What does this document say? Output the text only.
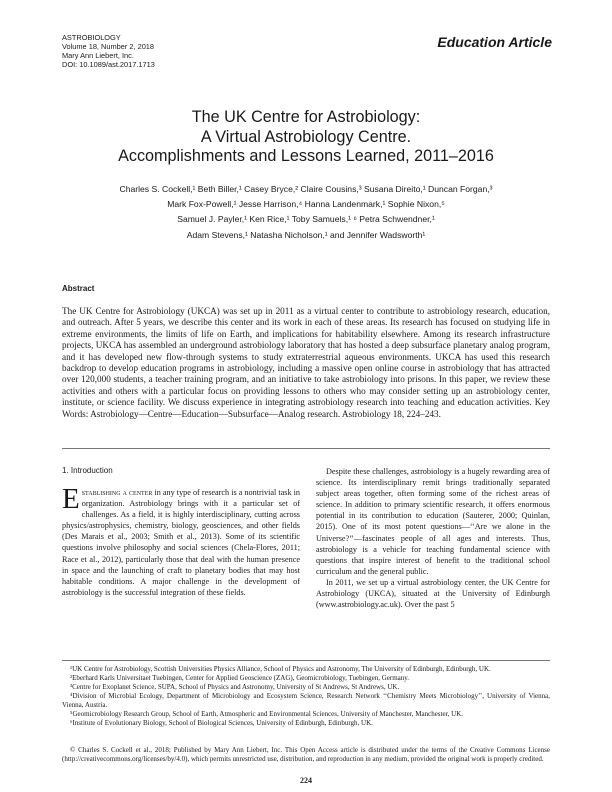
ASTROBIOLOGY
Volume 18, Number 2, 2018
Mary Ann Liebert, Inc.
DOI: 10.1089/ast.2017.1713
Education Article
The UK Centre for Astrobiology:
A Virtual Astrobiology Centre.
Accomplishments and Lessons Learned, 2011–2016
Charles S. Cockell,¹ Beth Biller,¹ Casey Bryce,² Claire Cousins,³ Susana Direito,¹ Duncan Forgan,³
Mark Fox-Powell,¹ Jesse Harrison,⁴ Hanna Landenmark,¹ Sophie Nixon,⁵
Samuel J. Payler,¹ Ken Rice,¹ Toby Samuels,¹ ⁶ Petra Schwendner,¹
Adam Stevens,¹ Natasha Nicholson,¹ and Jennifer Wadsworth¹
Abstract
The UK Centre for Astrobiology (UKCA) was set up in 2011 as a virtual center to contribute to astrobiology research, education, and outreach. After 5 years, we describe this center and its work in each of these areas. Its research has focused on studying life in extreme environments, the limits of life on Earth, and implications for habitability elsewhere. Among its research infrastructure projects, UKCA has assembled an underground astrobiology laboratory that has hosted a deep subsurface planetary analog program, and it has developed new flow-through systems to study extraterrestrial aqueous environments. UKCA has used this research backdrop to develop education programs in astrobiology, including a massive open online course in astrobiology that has attracted over 120,000 students, a teacher training program, and an initiative to take astrobiology into prisons. In this paper, we review these activities and others with a particular focus on providing lessons to others who may consider setting up an astrobiology center, institute, or science facility. We discuss experience in integrating astrobiology research into teaching and education activities. Key Words: Astrobiology—Centre—Education—Subsurface—Analog research. Astrobiology 18, 224–243.
1. Introduction

Establishing a center in any type of research is a nontrivial task in organization. Astrobiology brings with it a particular set of challenges. As a field, it is highly interdisciplinary, cutting across physics/astrophysics, chemistry, biology, geosciences, and other fields (Des Marais et al., 2003; Smith et al., 2013). Some of its scientific questions involve philosophy and social sciences (Chela-Flores, 2011; Race et al., 2012), particularly those that deal with the human presence in space and the launching of craft to planetary bodies that may host habitable conditions. A major challenge in the development of astrobiology is the successful integration of these fields.

Despite these challenges, astrobiology is a hugely rewarding area of science. Its interdisciplinary remit brings traditionally separated subject areas together, often forming some of the richest areas of science. In addition to primary scientific research, it offers enormous potential in its contribution to education (Sauterer, 2000; Quinlan, 2015). One of its most potent questions—‘‘Are we alone in the Universe?’’—fascinates people of all ages and interests. Thus, astrobiology is a vehicle for teaching fundamental science with questions that inspire interest of benefit to the traditional school curriculum and the general public.

In 2011, we set up a virtual astrobiology center, the UK Centre for Astrobiology (UKCA), situated at the University of Edinburgh (www.astrobiology.ac.uk). Over the past 5

¹UK Centre for Astrobiology, Scottish Universities Physics Alliance, School of Physics and Astronomy, The University of Edinburgh, Edinburgh, UK.
²Eberhard Karls Universitaet Tuebingen, Center for Applied Geoscience (ZAG), Geomicrobiology, Tuebingen, Germany.
³Centre for Exoplanet Science, SUPA, School of Physics and Astronomy, University of St Andrews, St Andrews, UK.
⁴Division of Microbial Ecology, Department of Microbiology and Ecosystem Science, Research Network ‘‘Chemistry Meets Microbiology’’, University of Vienna, Vienna, Austria.
⁵Geomicrobiology Research Group, School of Earth, Atmospheric and Environmental Sciences, University of Manchester, Manchester, UK.
⁶Institute of Evolutionary Biology, School of Biological Sciences, University of Edinburgh, Edinburgh, UK.
© Charles S. Cockell et al., 2018; Published by Mary Ann Liebert, Inc. This Open Access article is distributed under the terms of the Creative Commons License (http://creativecommons.org/licenses/by/4.0), which permits unrestricted use, distribution, and reproduction in any medium, provided the original work is properly credited.
224
